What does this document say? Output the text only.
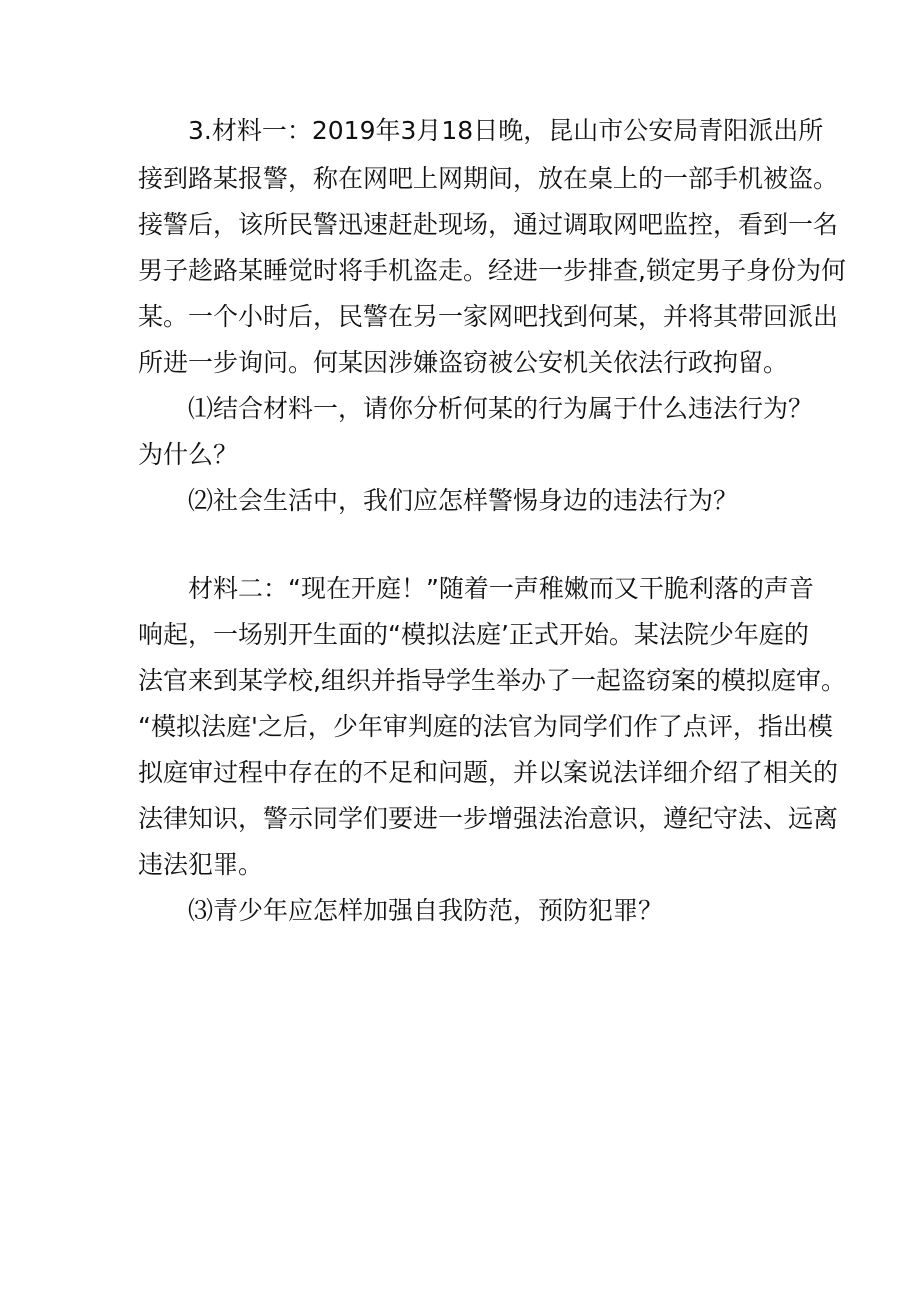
3.材料一：2019年3月18日晚，昆山市公安局青阳派出所
接到路某报警，称在网吧上网期间，放在桌上的一部手机被盗。
接警后，该所民警迅速赶赴现场，通过调取网吧监控，看到一名
男子趁路某睡觉时将手机盗走。经进一步排查,锁定男子身份为何
某。一个小时后，民警在另一家网吧找到何某，并将其带回派出
所进一步询问。何某因涉嫌盗窃被公安机关依法行政拘留。
⑴结合材料一，请你分析何某的行为属于什么违法行为？
为什么？
⑵社会生活中，我们应怎样警惕身边的违法行为？
材料二：“现在开庭！”随着一声稚嫩而又干脆利落的声音
响起，一场别开生面的“模拟法庭’正式开始。某法院少年庭的
法官来到某学校,组织并指导学生举办了一起盗窃案的模拟庭审。
“模拟法庭'之后，少年审判庭的法官为同学们作了点评，指出模
拟庭审过程中存在的不足和问题，并以案说法详细介绍了相关的
法律知识，警示同学们要进一步增强法治意识，遵纪守法、远离
违法犯罪。
⑶青少年应怎样加强自我防范，预防犯罪？
